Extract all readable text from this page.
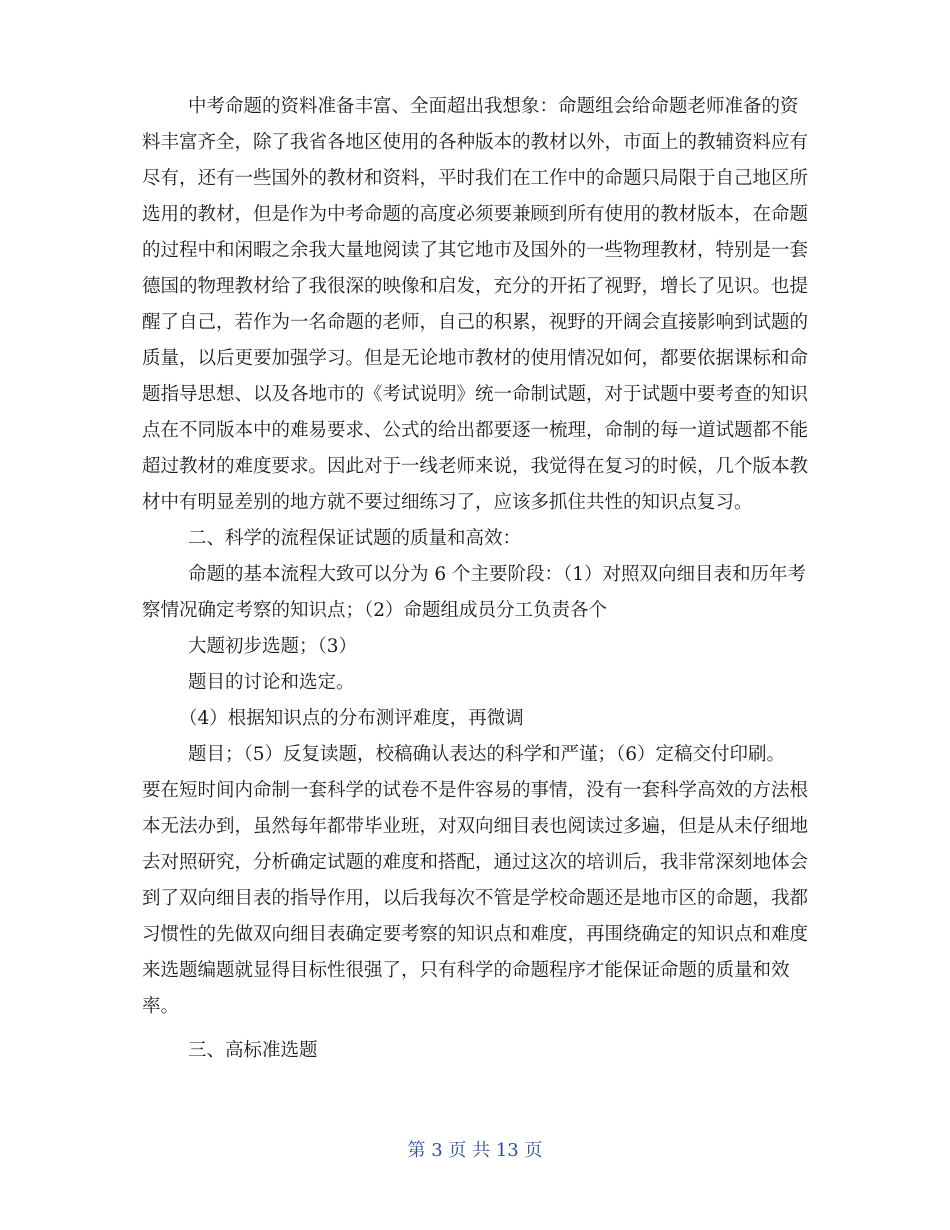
中考命题的资料准备丰富、全面超出我想象：命题组会给命题老师准备的资

料丰富齐全，除了我省各地区使用的各种版本的教材以外，市面上的教辅资料应有

尽有，还有一些国外的教材和资料，平时我们在工作中的命题只局限于自己地区所

选用的教材，但是作为中考命题的高度必须要兼顾到所有使用的教材版本，在命题

的过程中和闲暇之余我大量地阅读了其它地市及国外的一些物理教材，特别是一套

德国的物理教材给了我很深的映像和启发，充分的开拓了视野，增长了见识。也提

醒了自己，若作为一名命题的老师，自己的积累，视野的开阔会直接影响到试题的

质量，以后更要加强学习。但是无论地市教材的使用情况如何，都要依据课标和命

题指导思想、以及各地市的《考试说明》统一命制试题，对于试题中要考查的知识

点在不同版本中的难易要求、公式的给出都要逐一梳理，命制的每一道试题都不能

超过教材的难度要求。因此对于一线老师来说，我觉得在复习的时候，几个版本教

材中有明显差别的地方就不要过细练习了，应该多抓住共性的知识点复习。

二、科学的流程保证试题的质量和高效：

命题的基本流程大致可以分为 6 个主要阶段：（1）对照双向细目表和历年考

察情况确定考察的知识点；（2）命题组成员分工负责各个

大题初步选题；（3）

题目的讨论和选定。

（4）根据知识点的分布测评难度，再微调

题目；（5）反复读题，校稿确认表达的科学和严谨；（6）定稿交付印刷。

要在短时间内命制一套科学的试卷不是件容易的事情，没有一套科学高效的方法根

本无法办到，虽然每年都带毕业班，对双向细目表也阅读过多遍，但是从未仔细地

去对照研究，分析确定试题的难度和搭配，通过这次的培训后，我非常深刻地体会

到了双向细目表的指导作用，以后我每次不管是学校命题还是地市区的命题，我都

习惯性的先做双向细目表确定要考察的知识点和难度，再围绕确定的知识点和难度

来选题编题就显得目标性很强了，只有科学的命题程序才能保证命题的质量和效

率。

三、高标准选题

第 3 页 共 13 页
